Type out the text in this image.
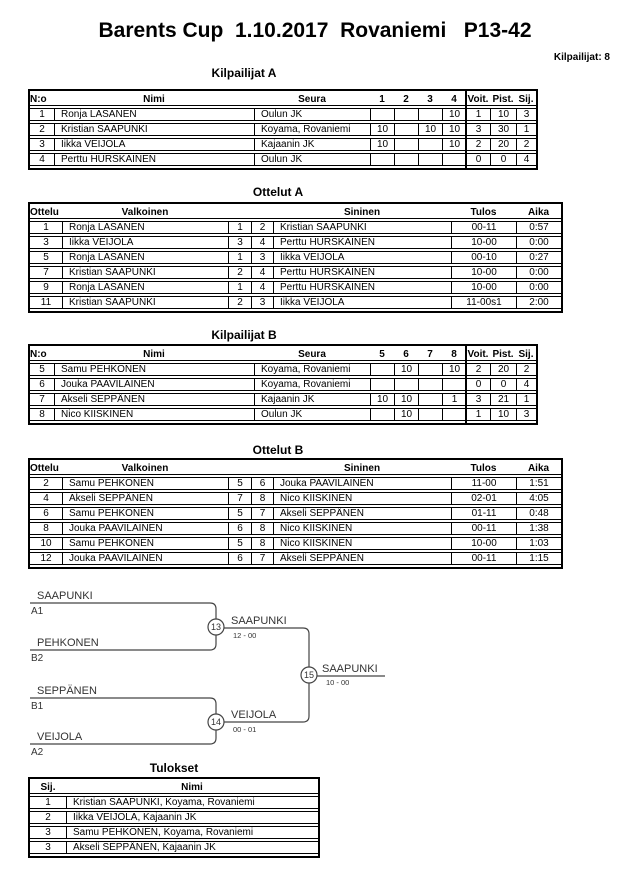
Barents Cup  1.10.2017  Rovaniemi   P13-42
Kilpailijat: 8
Kilpailijat A
N:o	Nimi	Seura	1	2	3	4	Voit.	Pist.	Sij.
1	Ronja LASANEN	Oulun JK				10	1	10	3
2	Kristian SAAPUNKI	Koyama, Rovaniemi	10		10	10	3	30	1
3	Iikka VEIJOLA	Kajaanin JK	10			10	2	20	2
4	Perttu HURSKAINEN	Oulun JK					0	0	4
Ottelut A
Ottelu	Valkoinen			Sininen	Tulos	Aika
1	Ronja LASANEN	1	2	Kristian SAAPUNKI	00-11	0:57
3	Iikka VEIJOLA	3	4	Perttu HURSKAINEN	10-00	0:00
5	Ronja LASANEN	1	3	Iikka VEIJOLA	00-10	0:27
7	Kristian SAAPUNKI	2	4	Perttu HURSKAINEN	10-00	0:00
9	Ronja LASANEN	1	4	Perttu HURSKAINEN	10-00	0:00
11	Kristian SAAPUNKI	2	3	Iikka VEIJOLA	11-00s1	2:00
Kilpailijat B
N:o	Nimi	Seura	5	6	7	8	Voit.	Pist.	Sij.
5	Samu PEHKONEN	Koyama, Rovaniemi		10		10	2	20	2
6	Jouka PAAVILAINEN	Koyama, Rovaniemi					0	0	4
7	Akseli SEPPÄNEN	Kajaanin JK	10	10		1	3	21	1
8	Nico KIISKINEN	Oulun JK		10			1	10	3
Ottelut B
Ottelu	Valkoinen			Sininen	Tulos	Aika
2	Samu PEHKONEN	5	6	Jouka PAAVILAINEN	11-00	1:51
4	Akseli SEPPÄNEN	7	8	Nico KIISKINEN	02-01	4:05
6	Samu PEHKONEN	5	7	Akseli SEPPÄNEN	01-11	0:48
8	Jouka PAAVILAINEN	6	8	Nico KIISKINEN	00-11	1:38
10	Samu PEHKONEN	5	8	Nico KIISKINEN	10-00	1:03
12	Jouka PAAVILAINEN	6	7	Akseli SEPPÄNEN	00-11	1:15
13
14
15
SAAPUNKI
A1
PEHKONEN
B2
SAAPUNKI
12 - 00
SEPPÄNEN
B1
VEIJOLA
A2
VEIJOLA
00 - 01
SAAPUNKI
10 - 00
Tulokset
Sij.	Nimi
1	Kristian SAAPUNKI, Koyama, Rovaniemi
2	Iikka VEIJOLA, Kajaanin JK
3	Samu PEHKONEN, Koyama, Rovaniemi
3	Akseli SEPPÄNEN, Kajaanin JK
